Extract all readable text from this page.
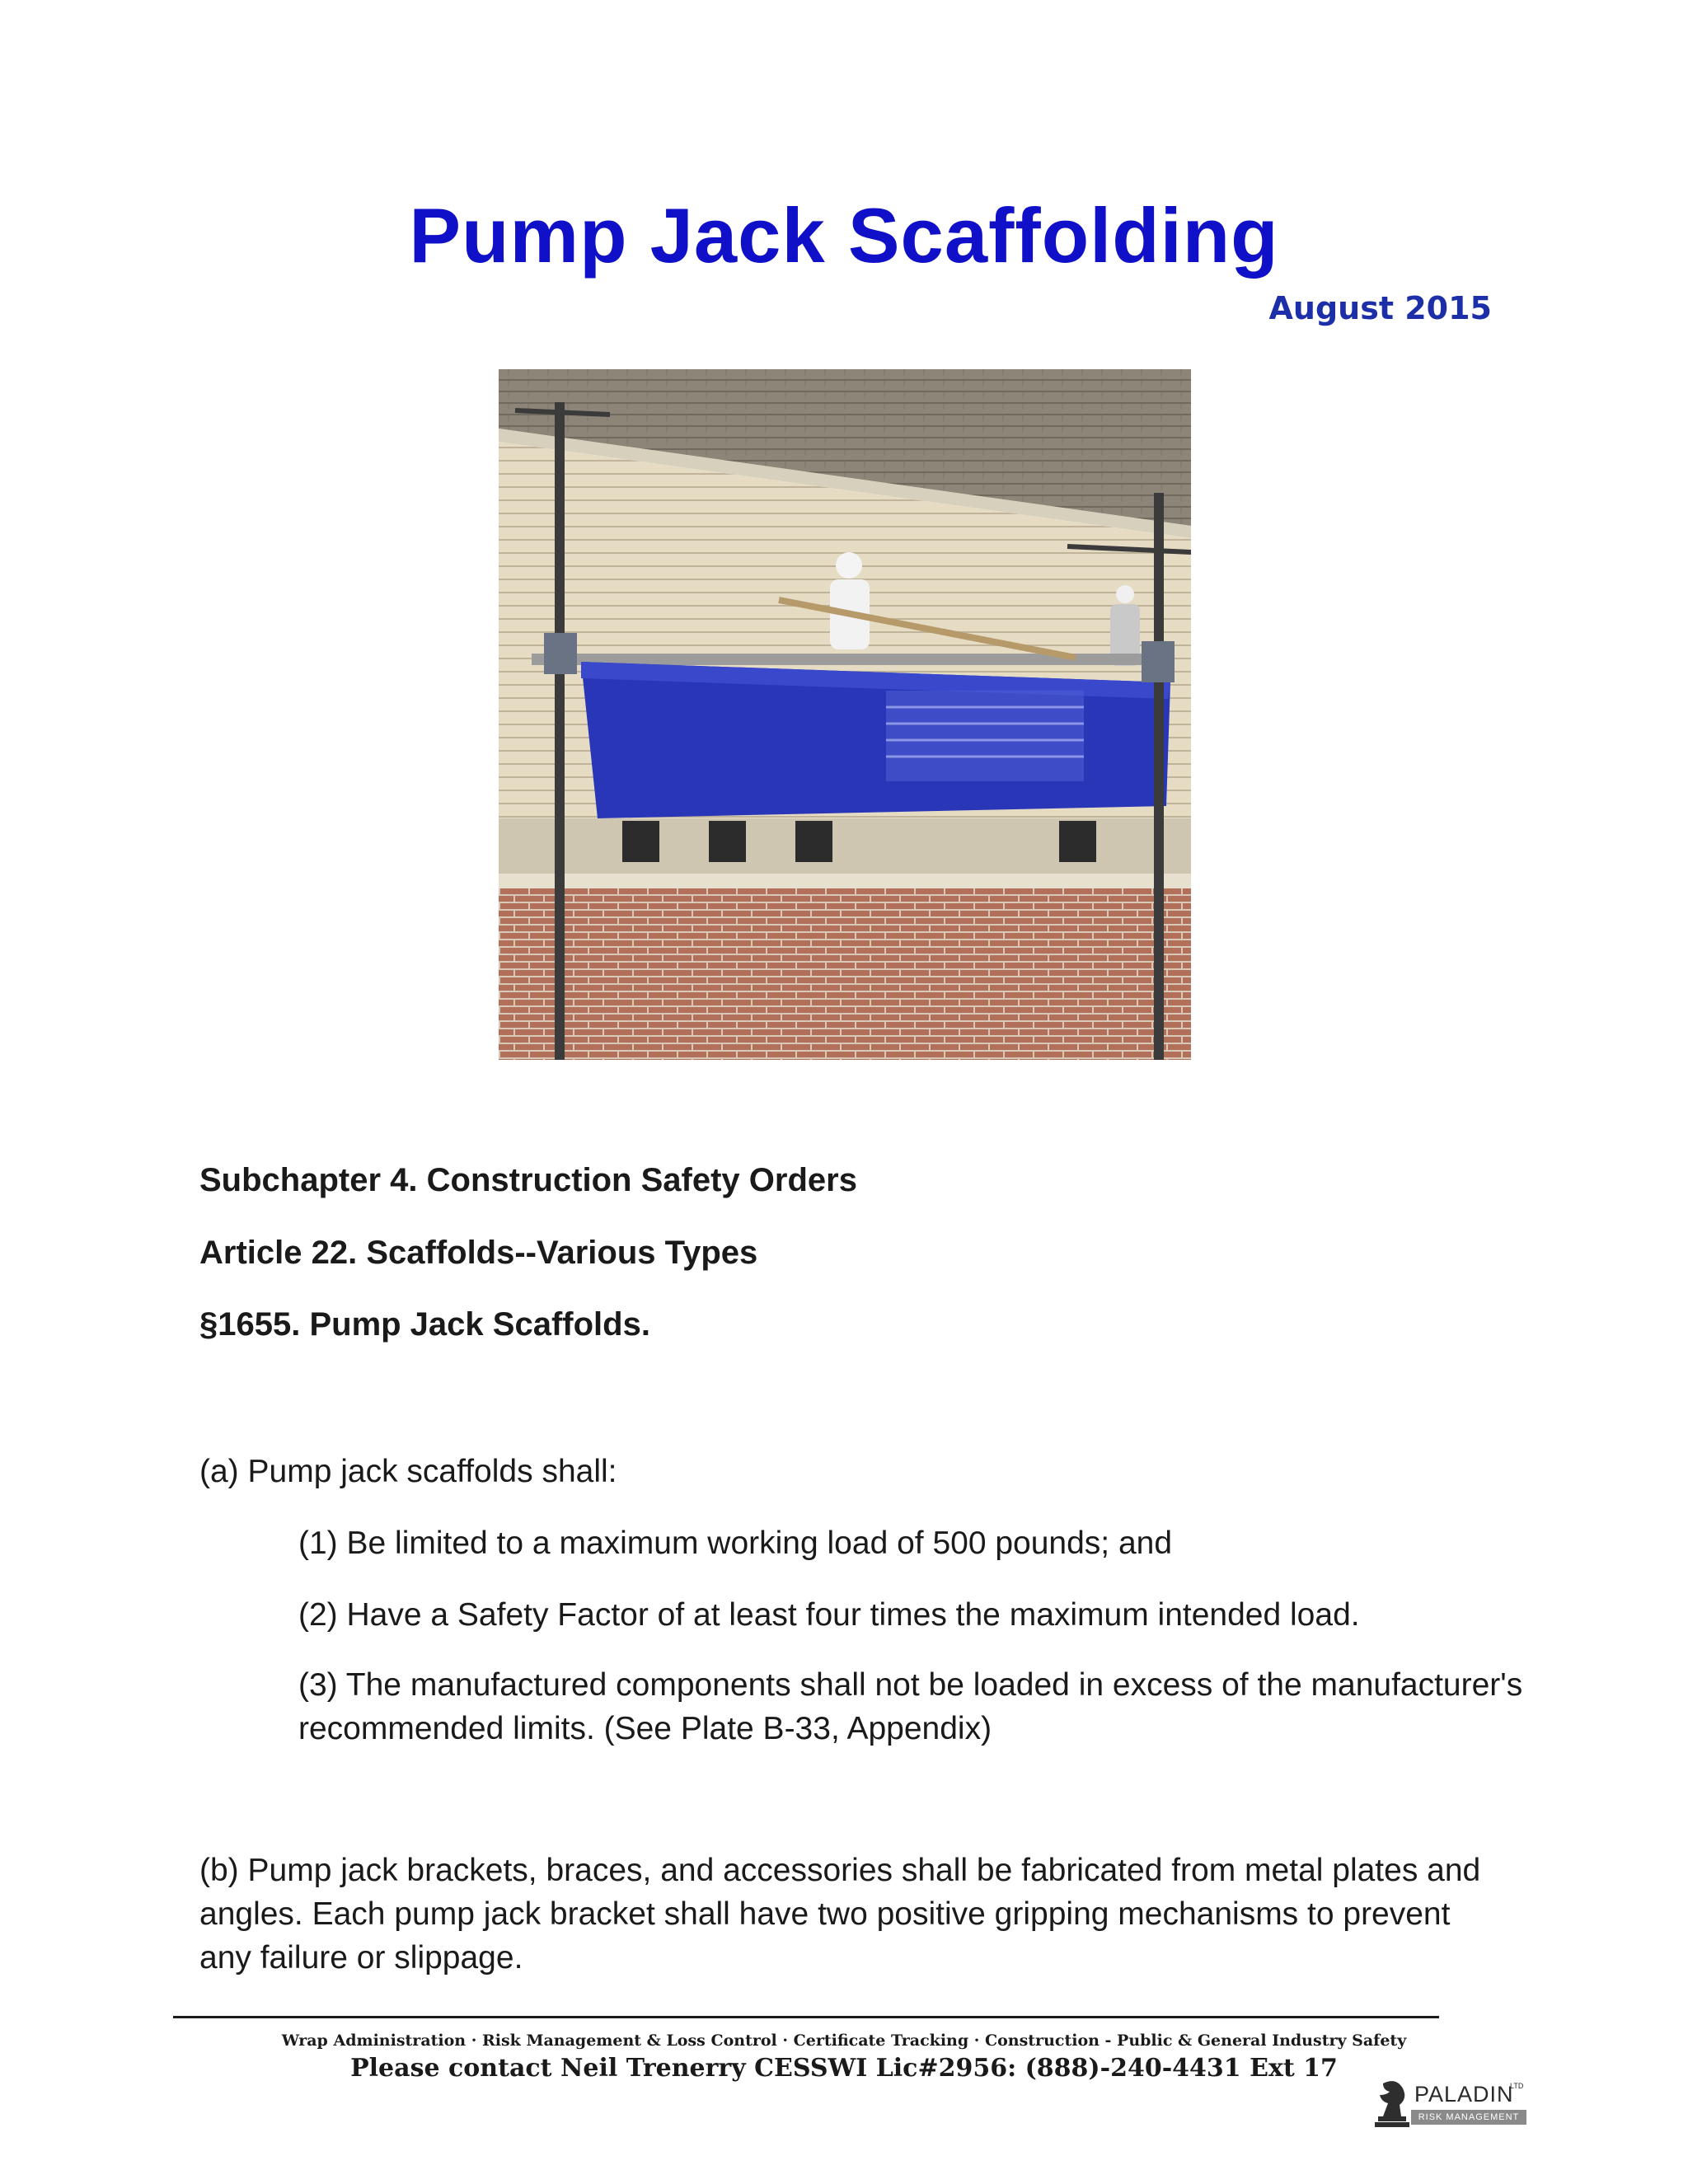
Pump Jack Scaffolding
August 2015
Subchapter 4. Construction Safety Orders
Article 22. Scaffolds--Various Types
§1655. Pump Jack Scaffolds.
(a) Pump jack scaffolds shall:
(1) Be limited to a maximum working load of 500 pounds; and
(2) Have a Safety Factor of at least four times the maximum intended load.
(3) The manufactured components shall not be loaded in excess of the manufacturer's recommended limits. (See Plate B-33, Appendix)
(b) Pump jack brackets, braces, and accessories shall be fabricated from metal plates and angles. Each pump jack bracket shall have two positive gripping mechanisms to prevent any failure or slippage.
Wrap Administration · Risk Management & Loss Control · Certificate Tracking · Construction - Public & General Industry Safety
Please contact Neil Trenerry CESSWI Lic#2956: (888)-240-4431 Ext 17
PALADIN
LTD
RISK MANAGEMENT
